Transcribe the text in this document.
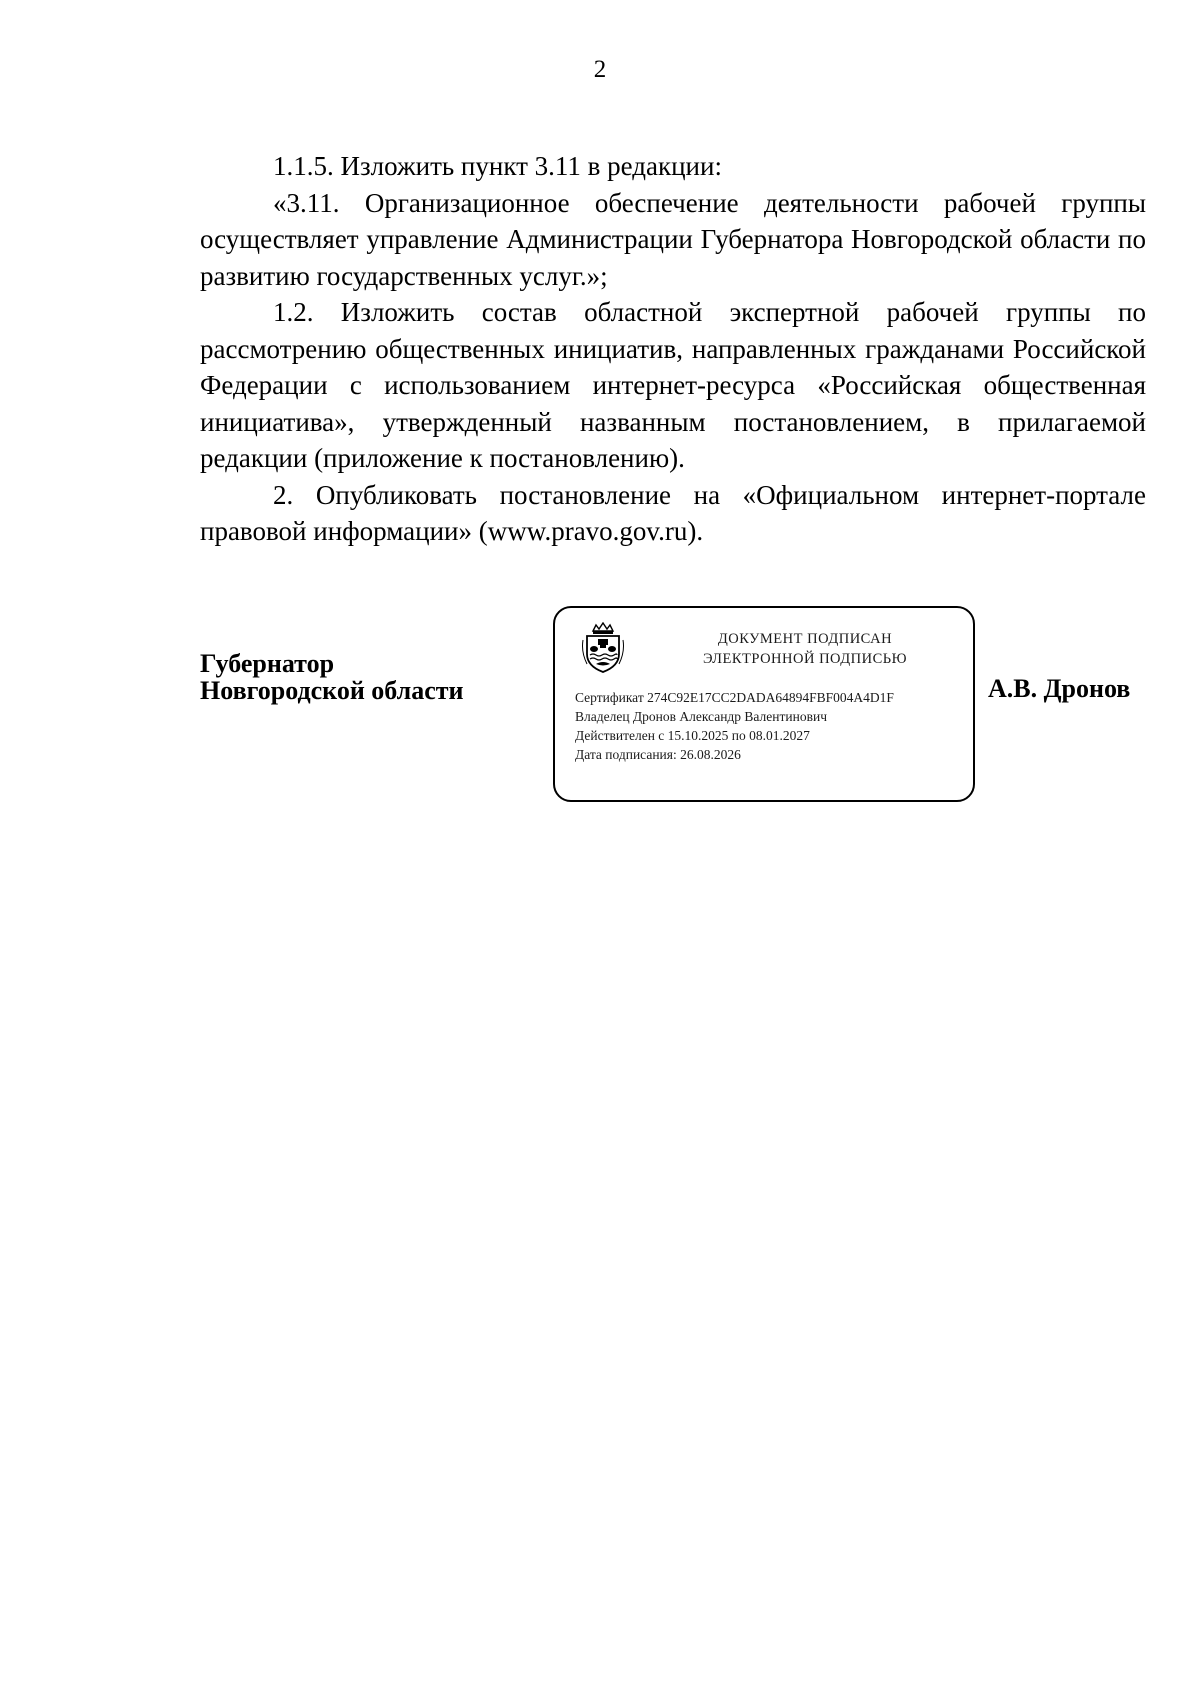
2

1.1.5. Изложить пункт 3.11 в редакции:

«3.11. Организационное обеспечение деятельности рабочей группы осуществляет управление Администрации Губернатора Новгородской области по развитию государственных услуг.»;

1.2. Изложить состав областной экспертной рабочей группы по рассмотрению общественных инициатив, направленных гражданами Российской Федерации с использованием интернет-ресурса «Российская общественная инициатива», утвержденный названным постановлением, в прилагаемой редакции (приложение к постановлению).

2. Опубликовать постановление на «Официальном интернет-портале правовой информации» (www.pravo.gov.ru).

Губернатор
Новгородской области
ДОКУМЕНТ ПОДПИСАН
ЭЛЕКТРОННОЙ ПОДПИСЬЮ
Сертификат 274C92E17CC2DADA64894FBF004A4D1F
Владелец Дронов Александр Валентинович
Действителен с 15.10.2025 по 08.01.2027
Дата подписания: 26.08.2026
А.В. Дронов
